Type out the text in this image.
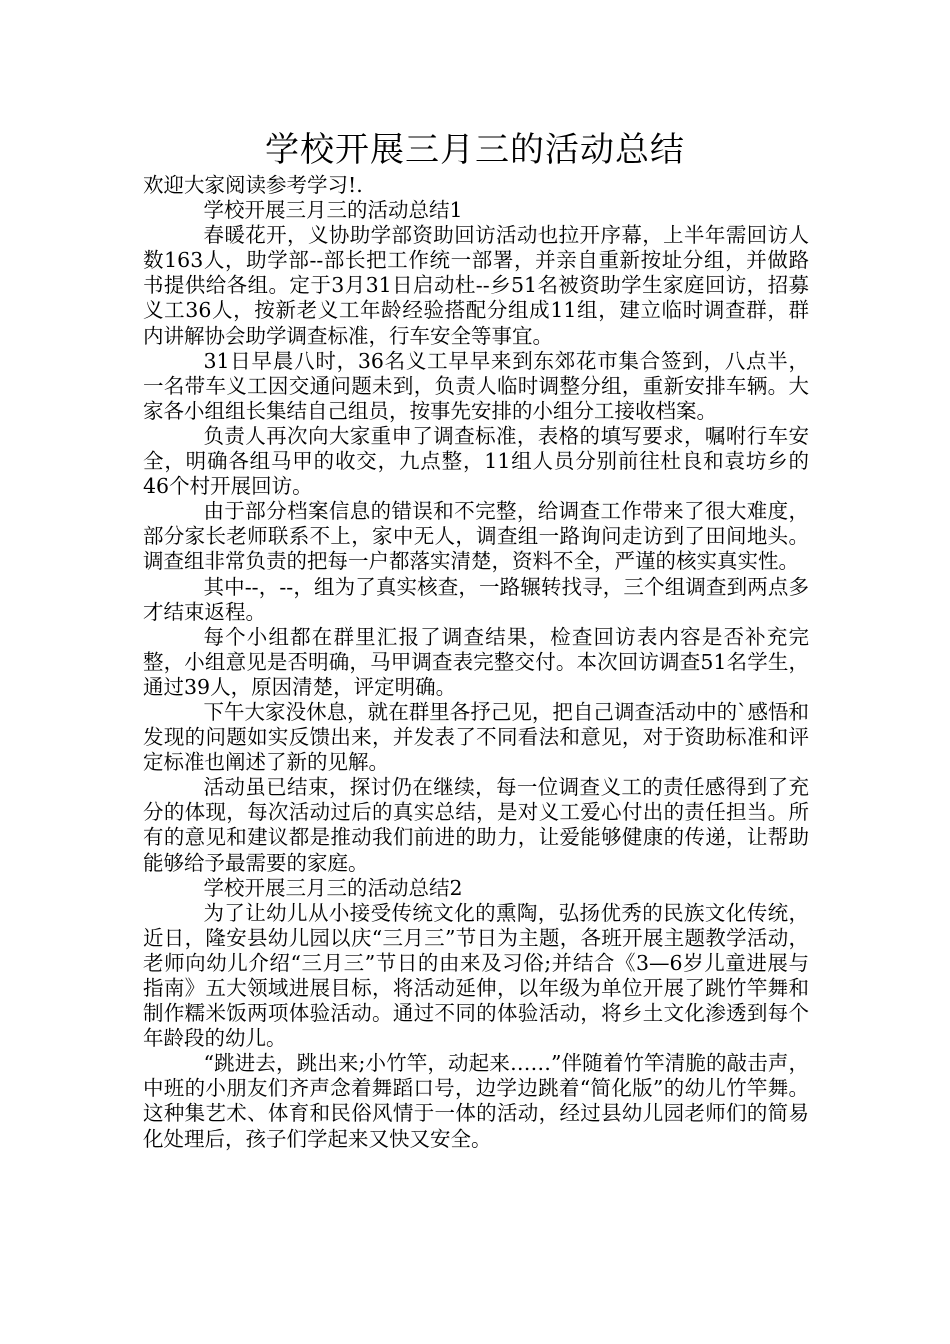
学校开展三月三的活动总结

欢迎大家阅读参考学习!.

学校开展三月三的活动总结1

春暖花开，义协助学部资助回访活动也拉开序幕，上半年需回访人数163人，助学部--部长把工作统一部署，并亲自重新按址分组，并做路书提供给各组。定于3月31日启动杜--乡51名被资助学生家庭回访，招募义工36人，按新老义工年龄经验搭配分组成11组，建立临时调查群，群内讲解协会助学调查标准，行车安全等事宜。

31日早晨八时，36名义工早早来到东郊花市集合签到，八点半，一名带车义工因交通问题未到，负责人临时调整分组，重新安排车辆。大家各小组组长集结自己组员，按事先安排的小组分工接收档案。

负责人再次向大家重申了调查标准，表格的填写要求，嘱咐行车安全，明确各组马甲的收交，九点整，11组人员分别前往杜良和袁坊乡的46个村开展回访。

由于部分档案信息的错误和不完整，给调查工作带来了很大难度，部分家长老师联系不上，家中无人，调查组一路询问走访到了田间地头。调查组非常负责的把每一户都落实清楚，资料不全，严谨的核实真实性。

其中--，--，组为了真实核查，一路辗转找寻，三个组调查到两点多才结束返程。

每个小组都在群里汇报了调查结果，检查回访表内容是否补充完整，小组意见是否明确，马甲调查表完整交付。本次回访调查51名学生，通过39人，原因清楚，评定明确。

下午大家没休息，就在群里各抒己见，把自己调查活动中的`感悟和发现的问题如实反馈出来，并发表了不同看法和意见，对于资助标准和评定标准也阐述了新的见解。

活动虽已结束，探讨仍在继续，每一位调查义工的责任感得到了充分的体现，每次活动过后的真实总结，是对义工爱心付出的责任担当。所有的意见和建议都是推动我们前进的助力，让爱能够健康的传递，让帮助能够给予最需要的家庭。

学校开展三月三的活动总结2

为了让幼儿从小接受传统文化的熏陶，弘扬优秀的民族文化传统，近日，隆安县幼儿园以庆“三月三”节日为主题，各班开展主题教学活动，老师向幼儿介绍“三月三”节日的由来及习俗;并结合《3—6岁儿童进展与指南》五大领域进展目标，将活动延伸，以年级为单位开展了跳竹竿舞和制作糯米饭两项体验活动。通过不同的体验活动，将乡土文化渗透到每个年龄段的幼儿。

“跳进去，跳出来;小竹竿，动起来……”伴随着竹竿清脆的敲击声，中班的小朋友们齐声念着舞蹈口号，边学边跳着“简化版”的幼儿竹竿舞。这种集艺术、体育和民俗风情于一体的活动，经过县幼儿园老师们的简易化处理后，孩子们学起来又快又安全。
